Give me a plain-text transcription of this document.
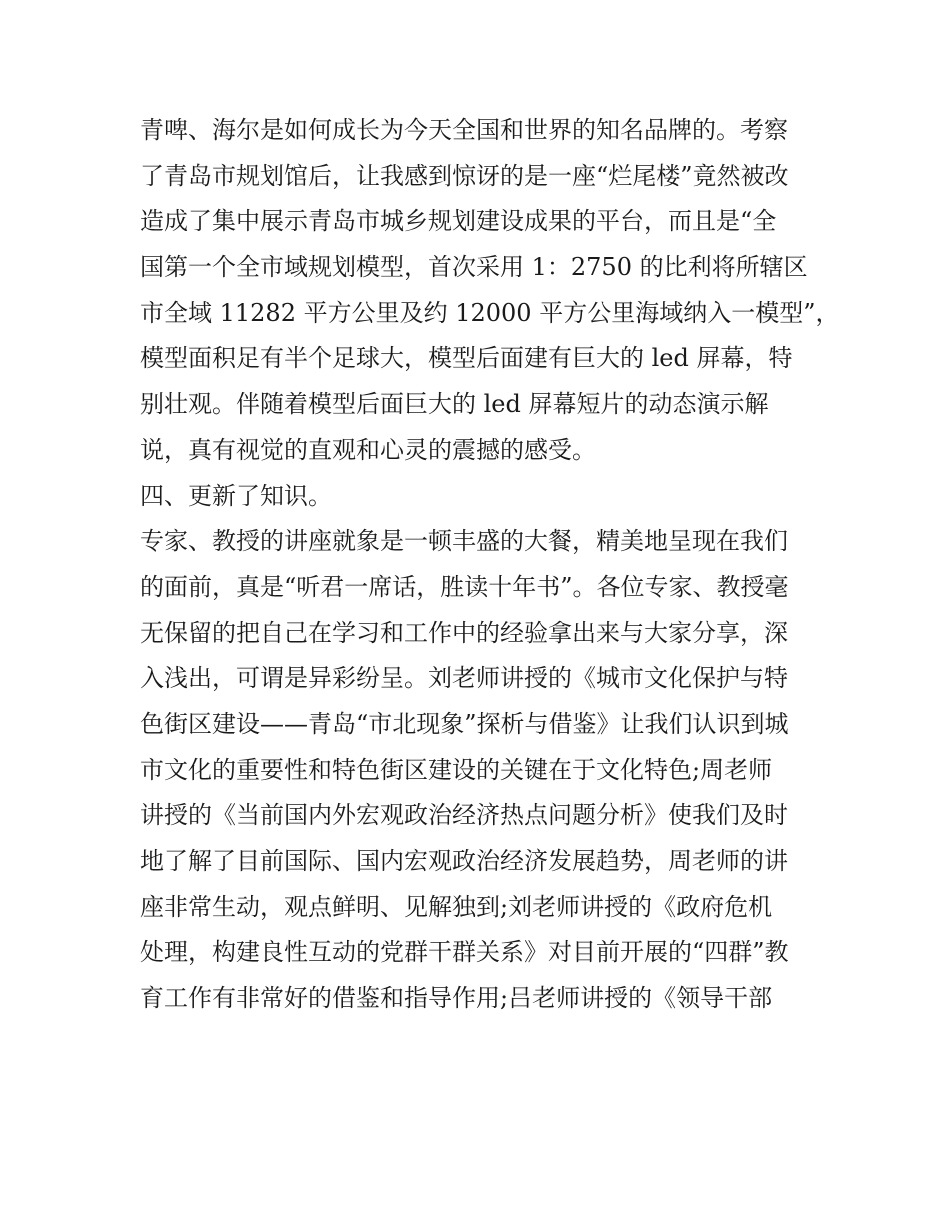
青啤、海尔是如何成长为今天全国和世界的知名品牌的。考察
了青岛市规划馆后，让我感到惊讶的是一座“烂尾楼”竟然被改
造成了集中展示青岛市城乡规划建设成果的平台，而且是“全
国第一个全市域规划模型，首次采用 1：2750 的比利将所辖区
市全域 11282 平方公里及约 12000 平方公里海域纳入一模型”，
模型面积足有半个足球大，模型后面建有巨大的 led 屏幕，特
别壮观。伴随着模型后面巨大的 led 屏幕短片的动态演示解
说，真有视觉的直观和心灵的震撼的感受。
四、更新了知识。
专家、教授的讲座就象是一顿丰盛的大餐，精美地呈现在我们
的面前，真是“听君一席话，胜读十年书”。各位专家、教授毫
无保留的把自己在学习和工作中的经验拿出来与大家分享，深
入浅出，可谓是异彩纷呈。刘老师讲授的《城市文化保护与特
色街区建设——青岛“市北现象”探析与借鉴》让我们认识到城
市文化的重要性和特色街区建设的关键在于文化特色;周老师
讲授的《当前国内外宏观政治经济热点问题分析》使我们及时
地了解了目前国际、国内宏观政治经济发展趋势，周老师的讲
座非常生动，观点鲜明、见解独到;刘老师讲授的《政府危机
处理，构建良性互动的党群干群关系》对目前开展的“四群”教
育工作有非常好的借鉴和指导作用;吕老师讲授的《领导干部
